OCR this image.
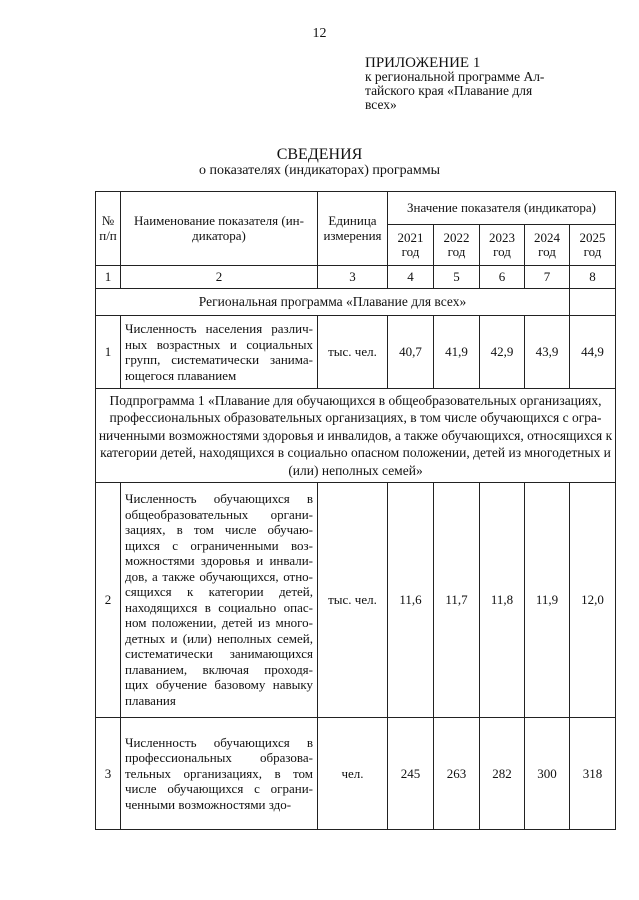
12
ПРИЛОЖЕНИЕ 1
к региональной программе Ал-
тайского края «Плавание для
всех»
СВЕДЕНИЯ
о показателях (индикаторах) программы
№ п/п	Наименование показателя (ин- дикатора)	Единица измерения	Значение показателя (индикатора)				
			2021 год	2022 год	2023 год	2024 год	2025 год
1	2	3	4	5	6	7	8
Региональная программа «Плавание для всех»							
1	Численность населения различ- ных возрастных и социальных групп, систематически занима- ющегося плаванием	тыс. чел.	40,7	41,9	42,9	43,9	44,9
Подпрограмма 1 «Плавание для обучающихся в общеобразовательных организациях, профессиональных образовательных организациях, в том числе обучающихся с огра- ниченными возможностями здоровья и инвалидов, а также обучающихся, относящихся к категории детей, находящихся в социально опасном положении, детей из многодетных и (или) неполных семей»							
2	Численность обучающихся в общеобразовательных органи- зациях, в том числе обучаю- щихся с ограниченными воз- можностями здоровья и инвали- дов, а также обучающихся, отно- сящихся к категории детей, находящихся в социально опас- ном положении, детей из много- детных и (или) неполных семей, систематически занимающихся плаванием, включая проходя- щих обучение базовому навыку плавания	тыс. чел.	11,6	11,7	11,8	11,9	12,0
3	Численность обучающихся в профессиональных образова- тельных организациях, в том числе обучающихся с ограни- ченными возможностями здо-	чел.	245	263	282	300	318
